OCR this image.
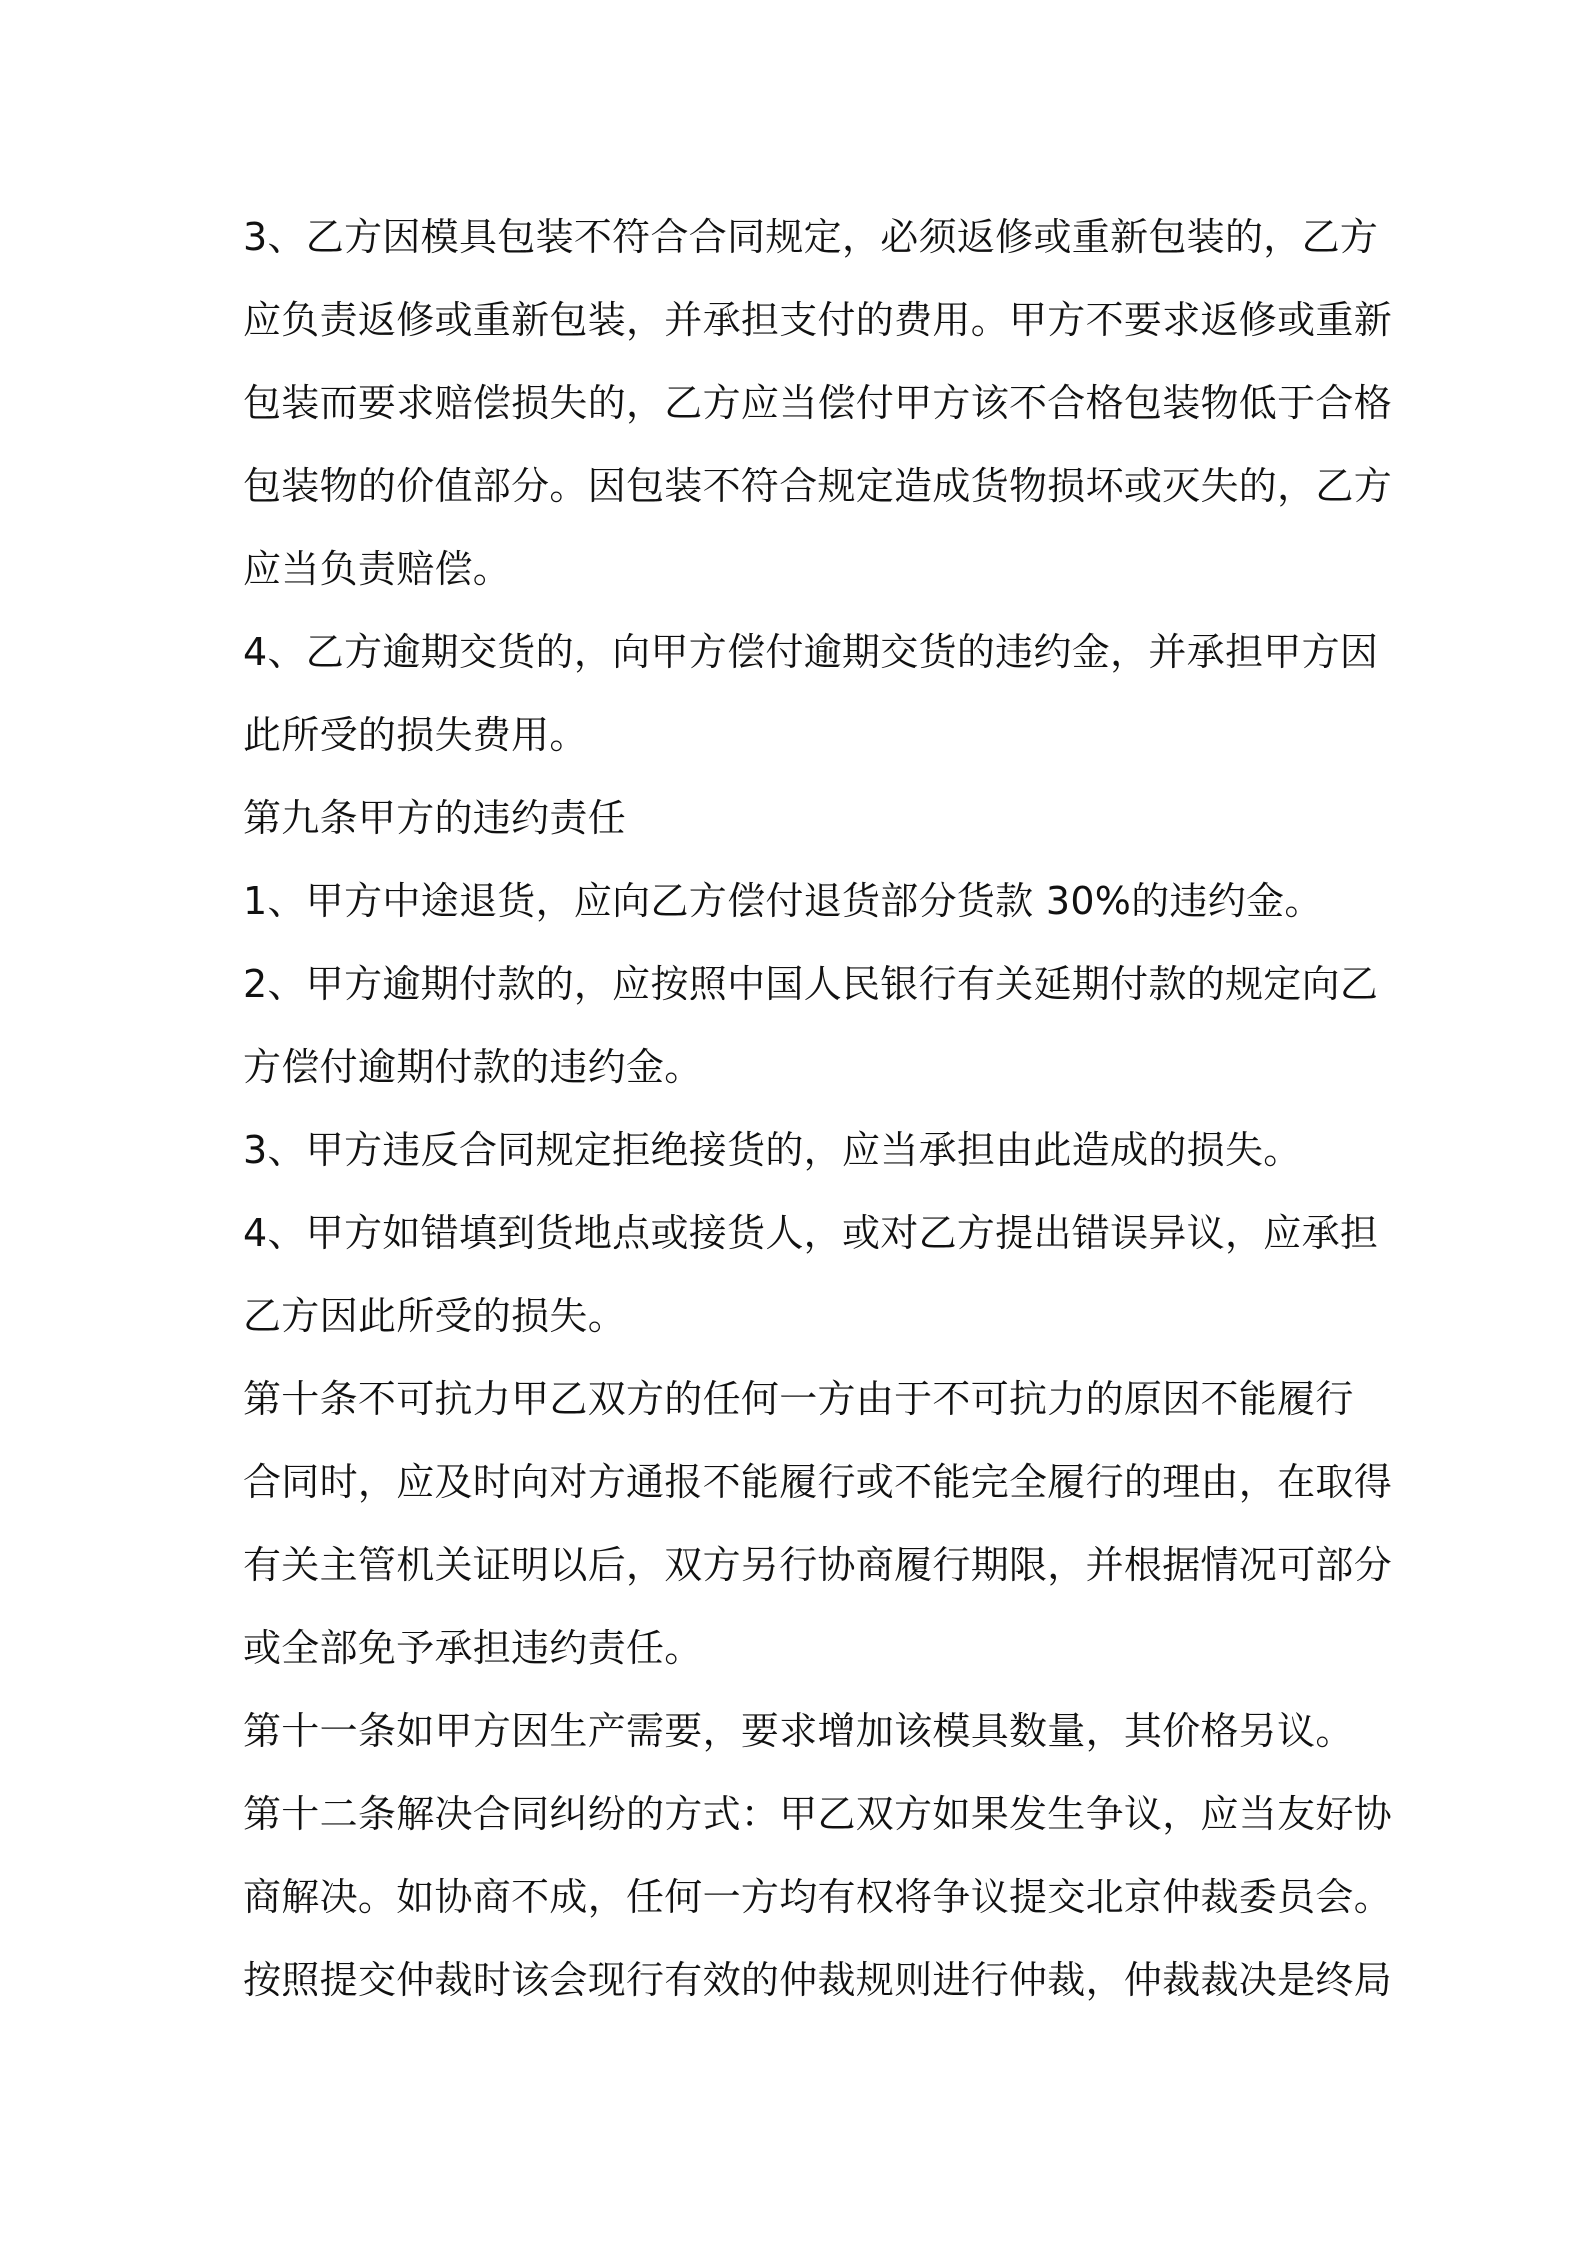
3、乙方因模具包装不符合合同规定，必须返修或重新包装的，乙方

应负责返修或重新包装，并承担支付的费用。甲方不要求返修或重新

包装而要求赔偿损失的，乙方应当偿付甲方该不合格包装物低于合格

包装物的价值部分。因包装不符合规定造成货物损坏或灭失的，乙方

应当负责赔偿。

4、乙方逾期交货的，向甲方偿付逾期交货的违约金，并承担甲方因

此所受的损失费用。

第九条甲方的违约责任

1、甲方中途退货，应向乙方偿付退货部分货款 30%的违约金。

2、甲方逾期付款的，应按照中国人民银行有关延期付款的规定向乙

方偿付逾期付款的违约金。

3、甲方违反合同规定拒绝接货的，应当承担由此造成的损失。

4、甲方如错填到货地点或接货人，或对乙方提出错误异议，应承担

乙方因此所受的损失。

第十条不可抗力甲乙双方的任何一方由于不可抗力的原因不能履行

合同时，应及时向对方通报不能履行或不能完全履行的理由，在取得

有关主管机关证明以后，双方另行协商履行期限，并根据情况可部分

或全部免予承担违约责任。

第十一条如甲方因生产需要，要求增加该模具数量，其价格另议。

第十二条解决合同纠纷的方式：甲乙双方如果发生争议，应当友好协

商解决。如协商不成，任何一方均有权将争议提交北京仲裁委员会。

按照提交仲裁时该会现行有效的仲裁规则进行仲裁，仲裁裁决是终局
